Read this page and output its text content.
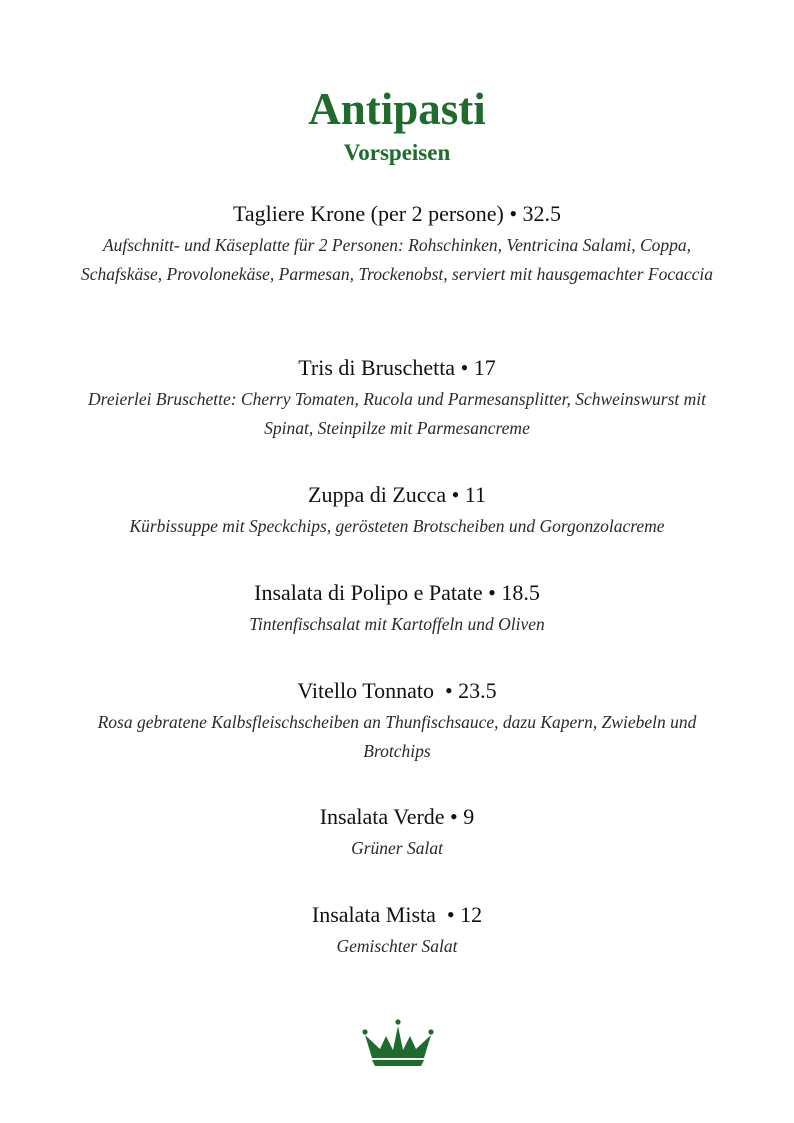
Antipasti
Vorspeisen
Tagliere Krone (per 2 persone) • 32.5
Aufschnitt- und Käseplatte für 2 Personen: Rohschinken, Ventricina Salami, Coppa, Schafskäse, Provolonekäse, Parmesan, Trockenobst, serviert mit hausgemachter Focaccia
Tris di Bruschetta • 17
Dreierlei Bruschette: Cherry Tomaten, Rucola und Parmesansplitter, Schweinswurst mit Spinat, Steinpilze mit Parmesancreme
Zuppa di Zucca • 11
Kürbissuppe mit Speckchips, gerösteten Brotscheiben und Gorgonzolacreme
Insalata di Polipo e Patate • 18.5
Tintenfischsalat mit Kartoffeln und Oliven
Vitello Tonnato  • 23.5
Rosa gebratene Kalbsfleischscheiben an Thunfischsauce, dazu Kapern, Zwiebeln und Brotchips
Insalata Verde • 9
Grüner Salat
Insalata Mista  • 12
Gemischter Salat
